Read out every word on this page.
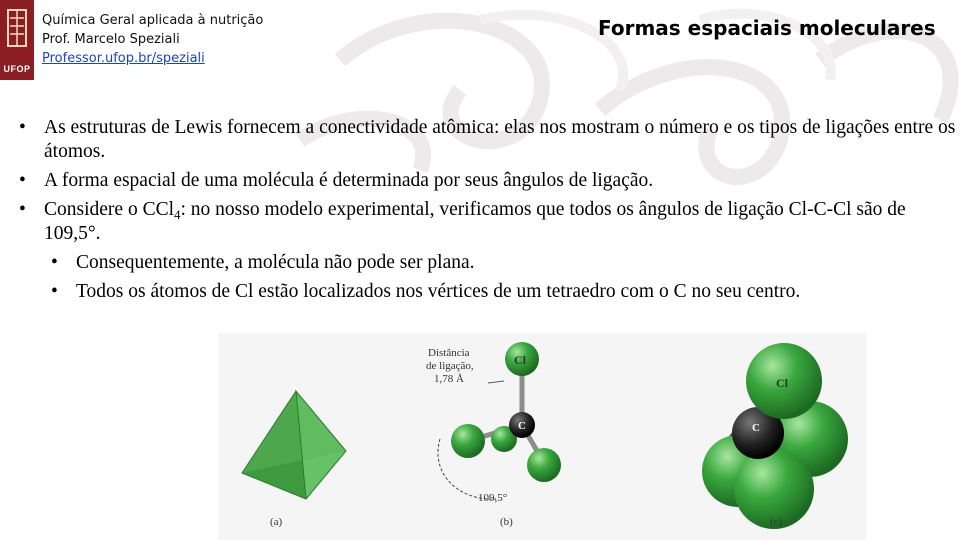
UFOP
Química Geral aplicada à nutrição
Prof. Marcelo Speziali
Professor.ufop.br/speziali
Formas espaciais moleculares
• As estruturas de Lewis fornecem a conectividade atômica: elas nos mostram o número e os tipos de ligações entre os átomos.
• A forma espacial de uma molécula é determinada por seus ângulos de ligação.
• Considere o CCl$_4$: no nosso modelo experimental, verificamos que todos os ângulos de ligação Cl-C-Cl são de 109,5°.
• Consequentemente, a molécula não pode ser plana.
• Todos os átomos de Cl estão localizados nos vértices de um tetraedro com o C no seu centro.
(a)
Cl
C
Distância
de ligação,
1,78 Å
109,5°
(b)
Cl
C
(c)
